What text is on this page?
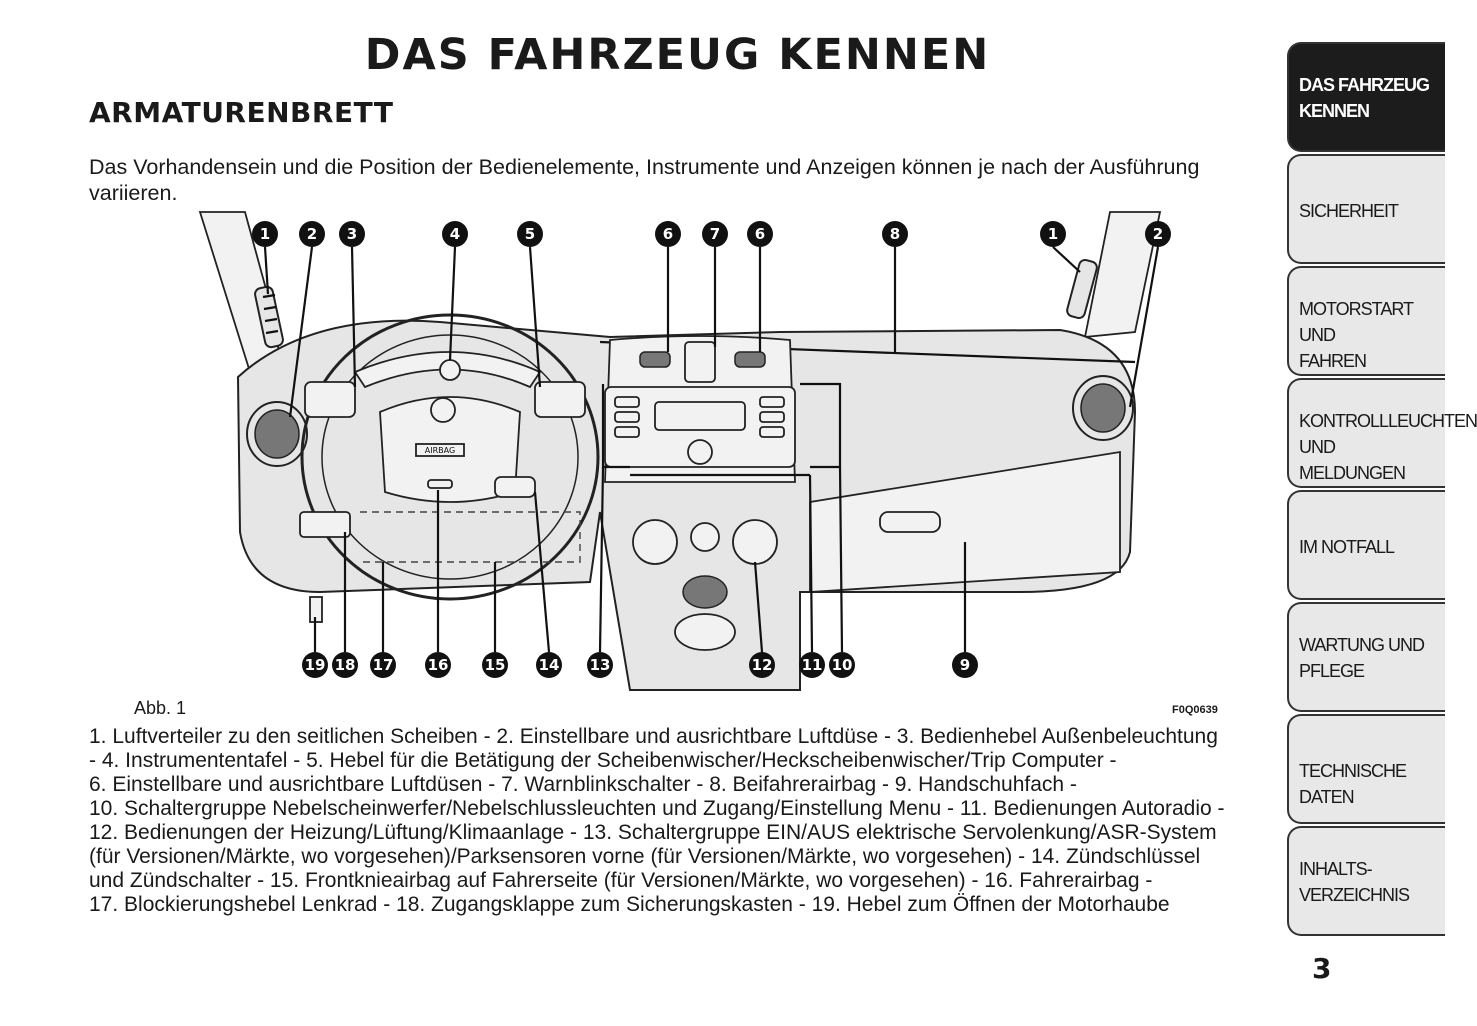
DAS FAHRZEUG KENNEN
ARMATURENBRETT
Das Vorhandensein und die Position der Bedienelemente, Instrumente und Anzeigen können je nach der Ausführung variieren.
AIRBAG
1 2 3	4	5	6 7 6	8	1	2
19 18 17 16 15 14 13	12 11 10	9
Abb. 1	F0Q0639
1. Luftverteiler zu den seitlichen Scheiben - 2. Einstellbare und ausrichtbare Luftdüse - 3. Bedienhebel Außenbeleuchtung
- 4. Instrumententafel - 5. Hebel für die Betätigung der Scheibenwischer/Heckscheibenwischer/Trip Computer -
6. Einstellbare und ausrichtbare Luftdüsen - 7. Warnblinkschalter - 8. Beifahrerairbag - 9. Handschuhfach -
10. Schaltergruppe Nebelscheinwerfer/Nebelschlussleuchten und Zugang/Einstellung Menu - 11. Bedienungen Autoradio -
12. Bedienungen der Heizung/Lüftung/Klimaanlage - 13. Schaltergruppe EIN/AUS elektrische Servolenkung/ASR-System
(für Versionen/Märkte, wo vorgesehen)/Parksensoren vorne (für Versionen/Märkte, wo vorgesehen) - 14. Zündschlüssel
und Zündschalter - 15. Frontknieairbag auf Fahrerseite (für Versionen/Märkte, wo vorgesehen) - 16. Fahrerairbag -
17. Blockierungshebel Lenkrad - 18. Zugangsklappe zum Sicherungskasten - 19. Hebel zum Öffnen der Motorhaube
DAS FAHRZEUG
KENNEN
SICHERHEIT
MOTORSTART UND
FAHREN
KONTROLLLEUCHTEN
UND MELDUNGEN
IM NOTFALL
WARTUNG UND
PFLEGE
TECHNISCHE DATEN
INHALTS-
VERZEICHNIS
3
